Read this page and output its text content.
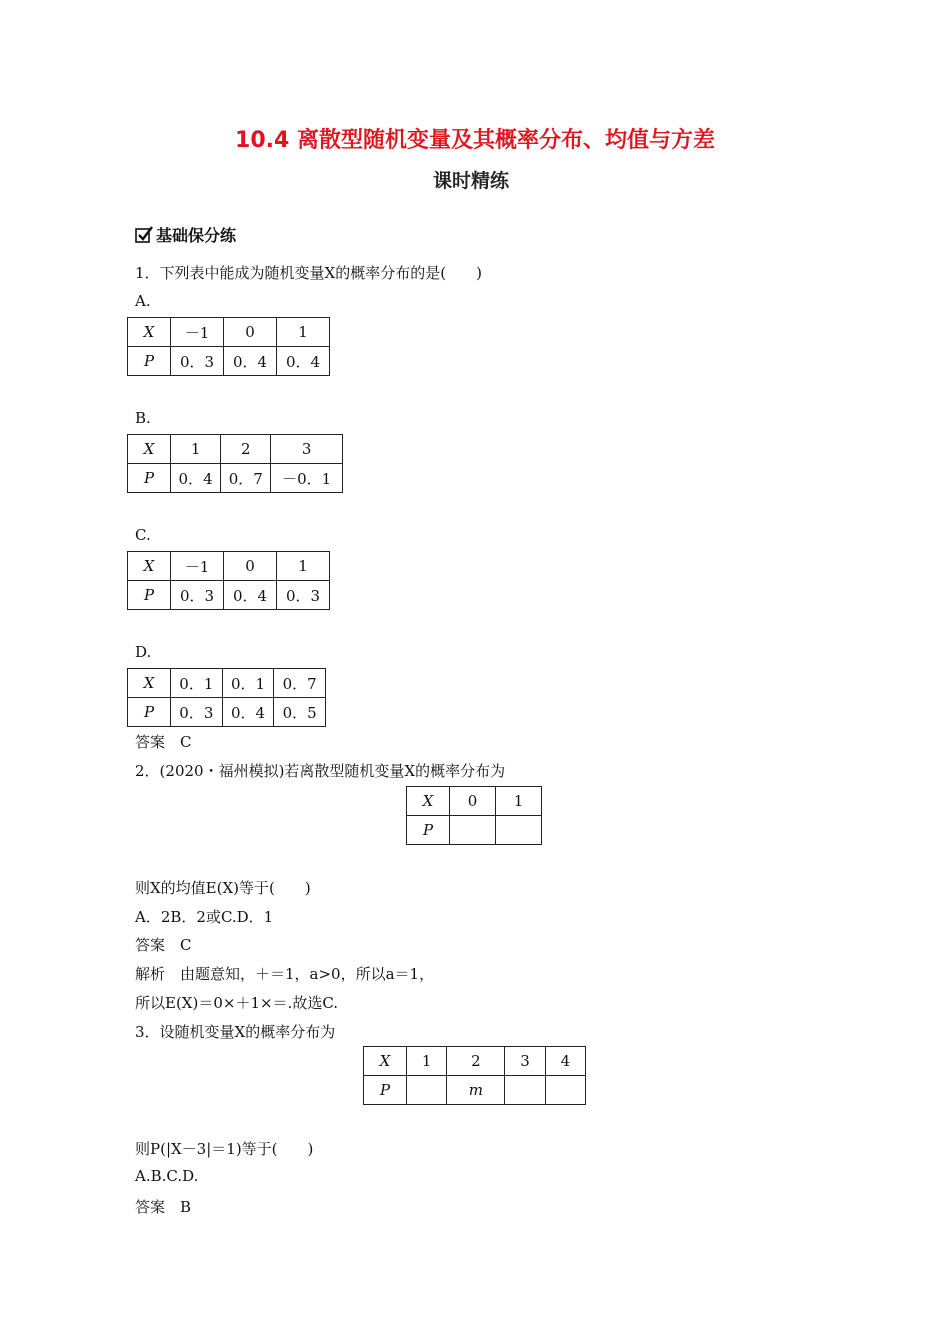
10.4 离散型随机变量及其概率分布、均值与方差
课时精练
基础保分练
1．下列表中能成为随机变量X的概率分布的是(　　)
A.
X	－1	0	1
P	0．3	0．4	0．4
B.
X	1	2	3
P	0．4	0．7	－0．1
C.
X	－1	0	1
P	0．3	0．4	0．3
D.
X	0．1	0．1	0．7
P	0．3	0．4	0．5
答案　C
2．(2020・福州模拟)若离散型随机变量X的概率分布为
X	0	1
P		
则X的均值E(X)等于(　　)
A．2B．2或C.D．1
答案　C
解析　由题意知，＋＝1，a>0，所以a＝1，
所以E(X)＝0×＋1×＝.故选C.
3．设随机变量X的概率分布为
X	1	2	3	4
P		m		
则P(|X－3|＝1)等于(　　)
A.B.C.D.
答案　B
